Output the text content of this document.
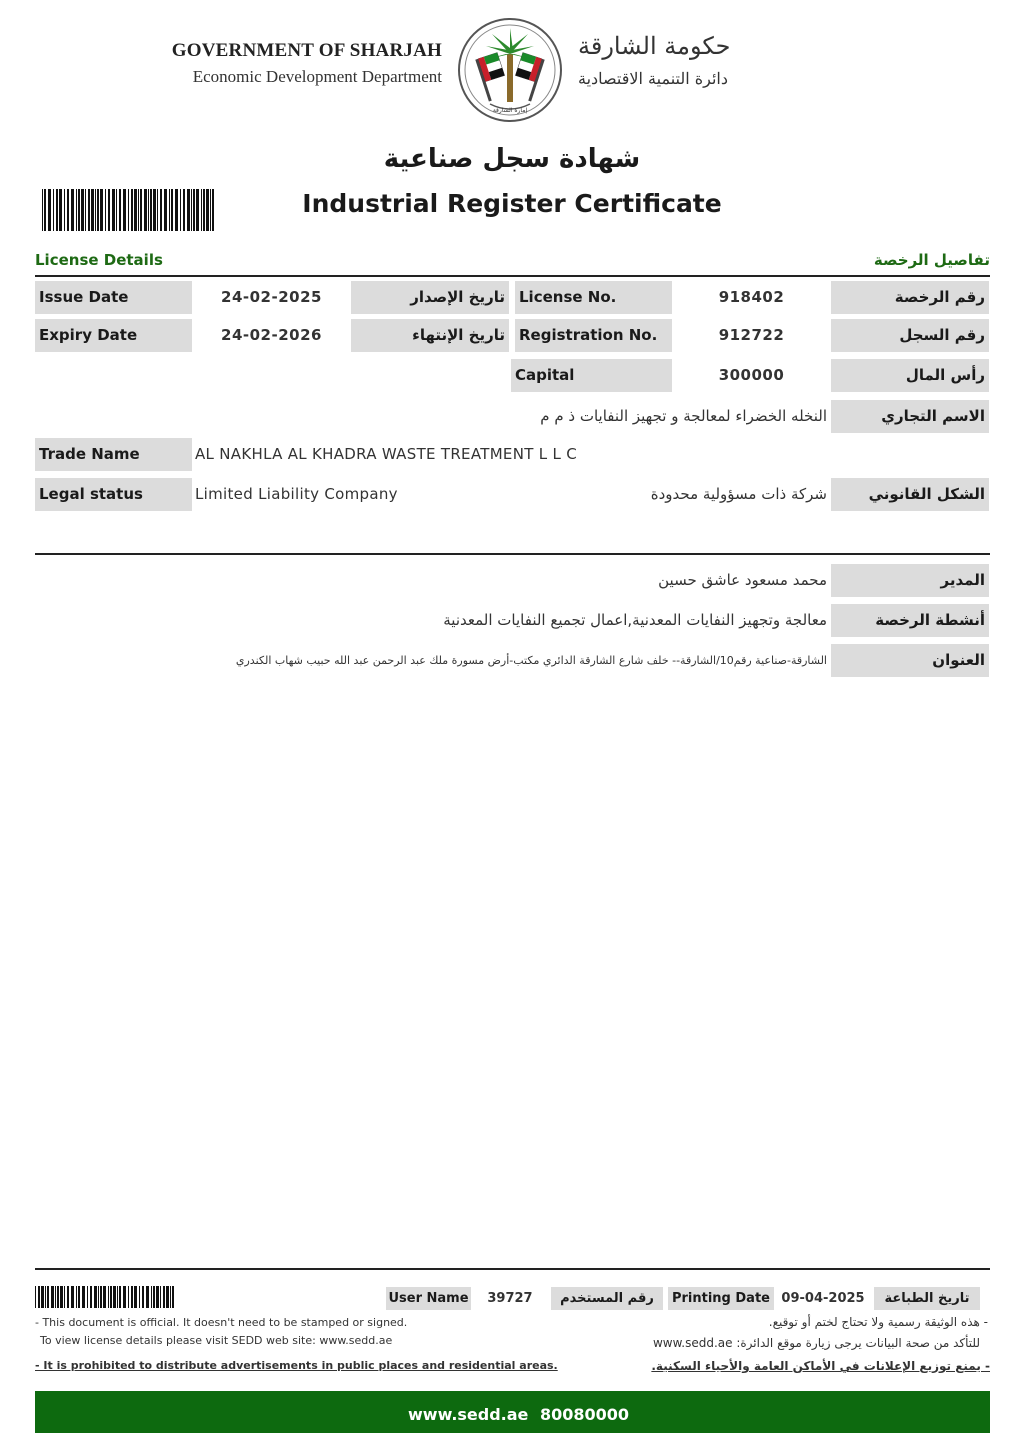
GOVERNMENT OF SHARJAH
Economic Development Department
حكومة الشارقة
دائرة التنمية الاقتصادية
إمارة الشارقة
شهادة سجل صناعية
Industrial Register Certificate
License Details	تفاصيل الرخصة
Issue Date	24-02-2025	تاريخ الإصدار License No.	918402	رقم الرخصة
Expiry Date	24-02-2026	تاريخ الإنتهاء Registration No.	912722	رقم السجل
Capital	300000	رأس المال
النخله الخضراء لمعالجة و تجهيز النفايات ذ م م	الاسم التجاري
Trade Name	AL NAKHLA AL KHADRA WASTE TREATMENT L L C
Legal status	Limited Liability Company	شركة ذات مسؤولية محدودة	الشكل القانوني
محمد مسعود عاشق حسين	المدير
معالجة وتجهيز النفايات المعدنية,اعمال تجميع النفايات المعدنية	أنشطة الرخصة
الشارقة-صناعية رقم10/الشارقة-- خلف شارع الشارقة الدائري مكتب-أرض مسورة ملك عبد الرحمن عبد الله حبيب شهاب الكندري	العنوان
User Name	39727	رقم المستخدم	Printing Date 09-04-2025	تاريخ الطباعة
- This document is official. It doesn't need to be stamped or signed.
To view license details please visit SEDD web site: www.sedd.ae
- It is prohibited to distribute advertisements in public places and residential areas.
- هذه الوثيقة رسمية ولا تحتاج لختم أو توقيع.
للتأكد من صحة البيانات يرجى زيارة موقع الدائرة: www.sedd.ae
- يمنع توزيع الإعلانات في الأماكن العامة والأحياء السكنية.
www.sedd.ae 80080000
